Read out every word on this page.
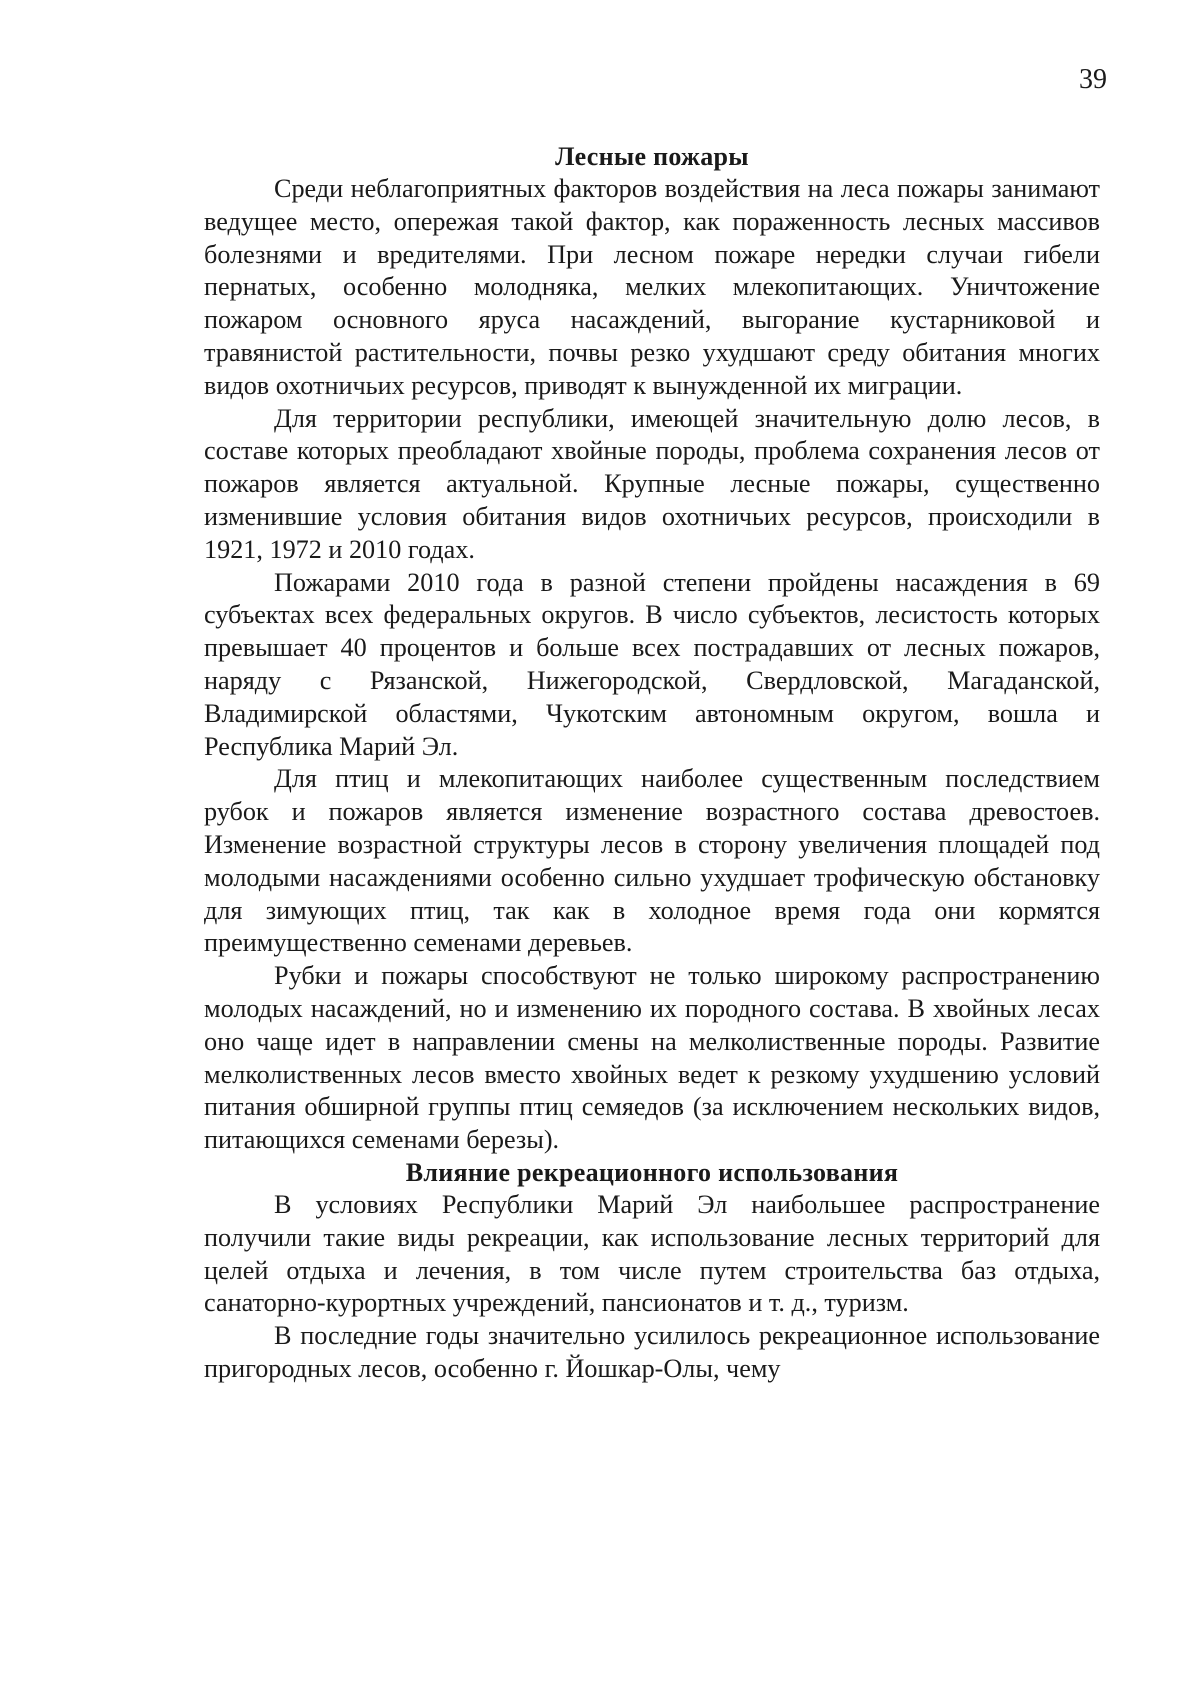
39
Лесные пожары

Среди неблагоприятных факторов воздействия на леса пожары занимают ведущее место, опережая такой фактор, как пораженность лесных массивов болезнями и вредителями. При лесном пожаре нередки случаи гибели пернатых, особенно молодняка, мелких млекопитающих. Уничтожение пожаром основного яруса насаждений, выгорание кустарниковой и травянистой растительности, почвы резко ухудшают среду обитания многих видов охотничьих ресурсов, приводят к вынужденной их миграции.

Для территории республики, имеющей значительную долю лесов, в составе которых преобладают хвойные породы, проблема сохранения лесов от пожаров является актуальной. Крупные лесные пожары, существенно изменившие условия обитания видов охотничьих ресурсов, происходили в 1921, 1972 и 2010 годах.

Пожарами 2010 года в разной степени пройдены насаждения в 69 субъектах всех федеральных округов. В число субъектов, лесистость которых превышает 40 процентов и больше всех пострадавших от лесных пожаров, наряду с Рязанской, Нижегородской, Свердловской, Магаданской, Владимирской областями, Чукотским автономным округом, вошла и Республика Марий Эл.

Для птиц и млекопитающих наиболее существенным последствием рубок и пожаров является изменение возрастного состава древостоев. Изменение возрастной структуры лесов в сторону увеличения площадей под молодыми насаждениями особенно сильно ухудшает трофическую обстановку для зимующих птиц, так как в холодное время года они кормятся преимущественно семенами деревьев.

Рубки и пожары способствуют не только широкому распространению молодых насаждений, но и изменению их породного состава. В хвойных лесах оно чаще идет в направлении смены на мелколиственные породы. Развитие мелколиственных лесов вместо хвойных ведет к резкому ухудшению условий питания обширной группы птиц семяедов (за исключением нескольких видов, питающихся семенами березы).

Влияние рекреационного использования

В условиях Республики Марий Эл наибольшее распространение получили такие виды рекреации, как использование лесных территорий для целей отдыха и лечения, в том числе путем строительства баз отдыха, санаторно-курортных учреждений, пансионатов и т. д., туризм.

В последние годы значительно усилилось рекреационное использование пригородных лесов, особенно г. Йошкар-Олы, чему
